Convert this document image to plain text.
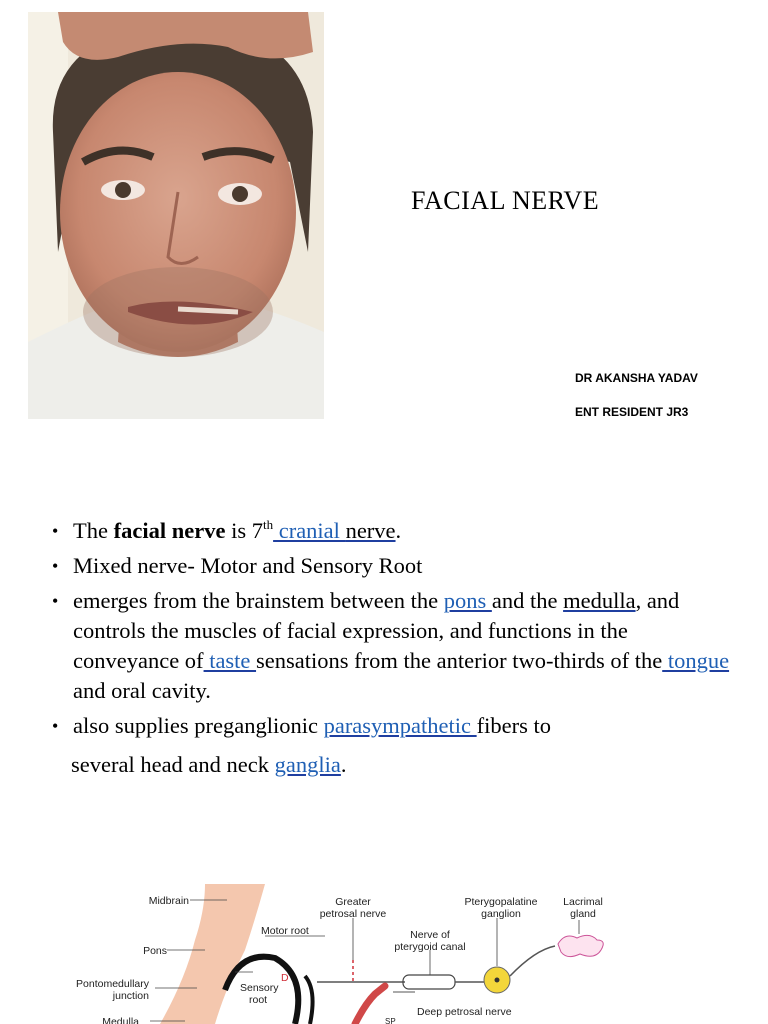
FACIAL NERVE
DR AKANSHA YADAV
ENT RESIDENT JR3
• The facial nerve is 7th cranial nerve.
• Mixed nerve- Motor and Sensory Root
• emerges from the brainstem between the pons and the medulla, and controls the muscles of facial expression, and functions in the conveyance of taste sensations from the anterior two-thirds of the tongue and oral cavity.
• also supplies preganglionic parasympathetic fibers to
several head and neck ganglia.
Midbrain
Pons
Pontomedullary
junction
Medulla
Motor root
Sensory
root
Greater
petrosal nerve
Nerve of
pterygoid canal
Pterygopalatine
ganglion
Lacrimal
gland
Deep petrosal nerve
D
SP
